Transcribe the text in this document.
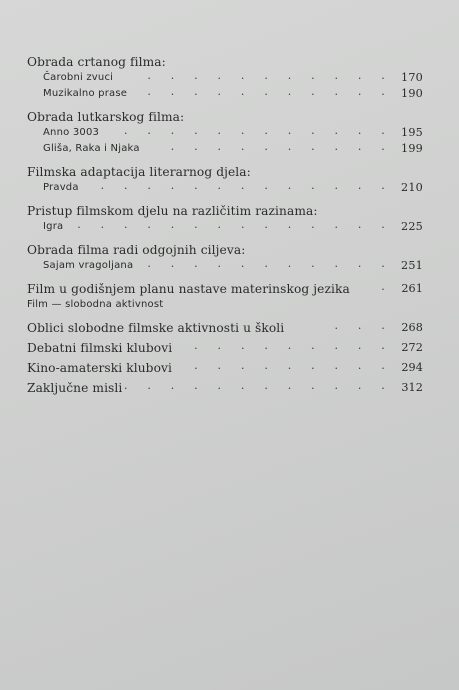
Obrada crtanog filma:
Čarobni zvuci	. . . . . . . . . . . 170
Muzikalno prase . . . . . . . . . . . 190
Obrada lutkarskog filma:
Anno 3003 . . . . . . . . . . . . 195
Gliša, Raka i Njaka	. . . . . . . . . . 199
Filmska adaptacija literarnog djela:
Pravda . . . . . . . . . . . . . 210
Pristup filmskom djelu na različitim razinama:
Igra . . . . . . . . . . . . . . 225
Obrada filma radi odgojnih ciljeva:
Sajam vragoljana . . . . . . . . . . . 251
Film u godišnjem planu nastave materinskog jezika	. 261
Film — slobodna aktivnost
Oblici slobodne filmske aktivnosti u školi	. . . 268
Debatni filmski klubovi . . . . . . . . . 272
Kino-amaterski klubovi . . . . . . . . . 294
Zaključne misli . . . . . . . . . . . . 312
